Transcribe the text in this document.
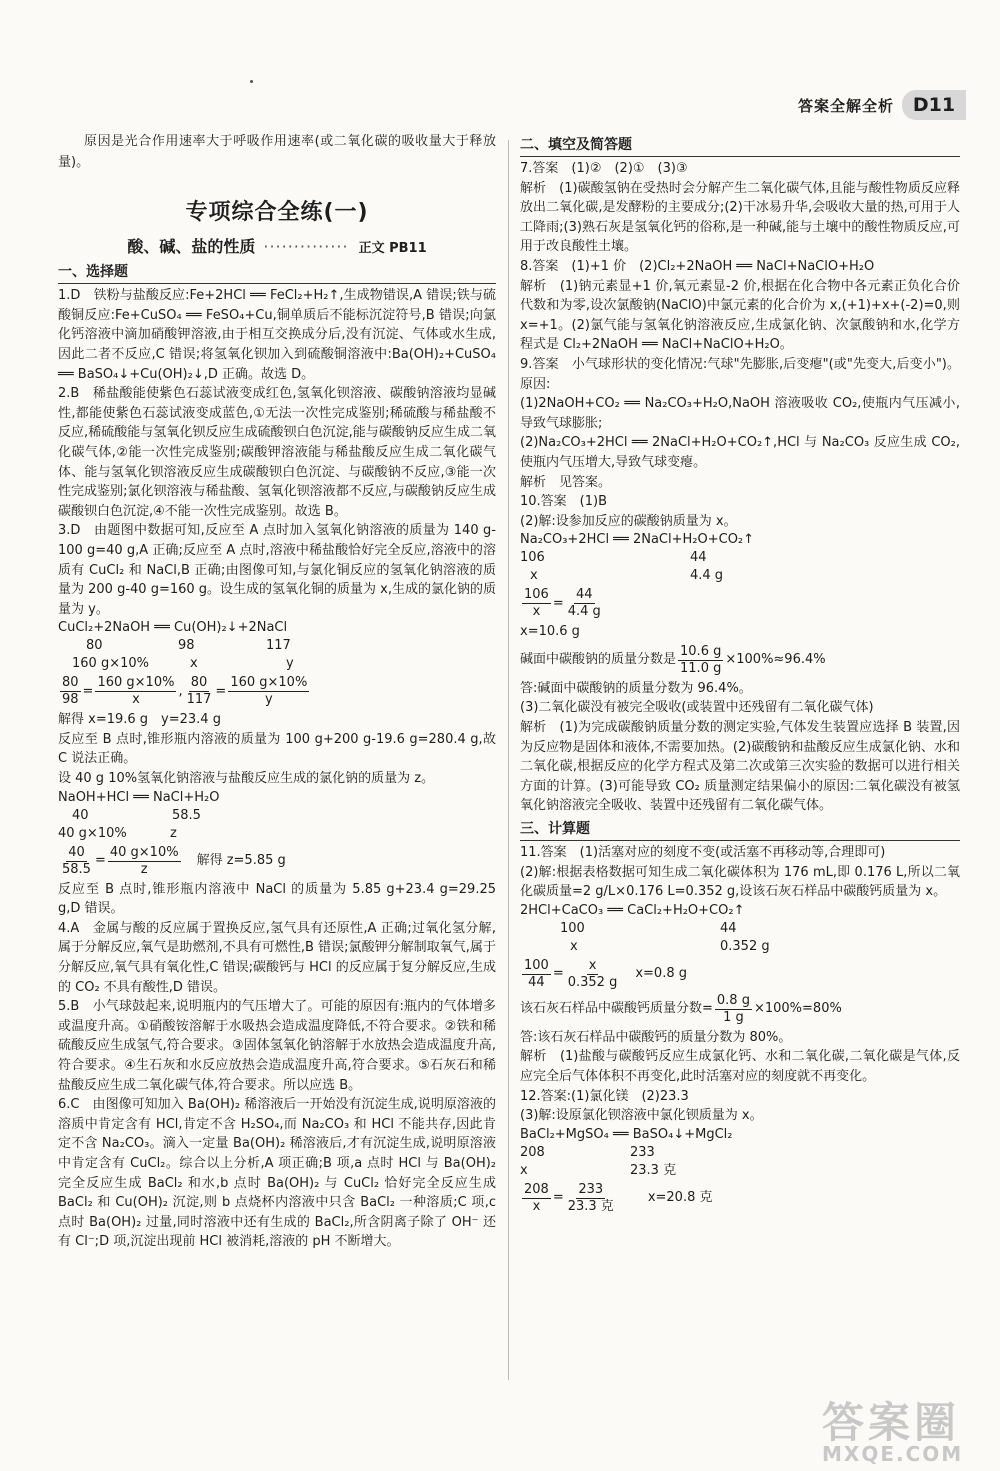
答案全解全析 D11

原因是光合作用速率大于呼吸作用速率(或二氧化碳的吸收量大于释放量)。

专项综合全练(一)
酸、碱、盐的性质 ·············· 正文 PB11
一、选择题

1.D　铁粉与盐酸反应:Fe+2HCl ══ FeCl₂+H₂↑,生成物错误,A 错误;铁与硫酸铜反应:Fe+CuSO₄ ══ FeSO₄+Cu,铜单质后不能标沉淀符号,B 错误;向氯化钙溶液中滴加硝酸钾溶液,由于相互交换成分后,没有沉淀、气体或水生成,因此二者不反应,C 错误;将氢氧化钡加入到硫酸铜溶液中:Ba(OH)₂+CuSO₄ ══ BaSO₄↓+Cu(OH)₂↓,D 正确。故选 D。

2.B　稀盐酸能使紫色石蕊试液变成红色,氢氧化钡溶液、碳酸钠溶液均显碱性,都能使紫色石蕊试液变成蓝色,①无法一次性完成鉴别;稀硫酸与稀盐酸不反应,稀硫酸能与氢氧化钡反应生成硫酸钡白色沉淀,能与碳酸钠反应生成二氧化碳气体,②能一次性完成鉴别;碳酸钾溶液能与稀盐酸反应生成二氧化碳气体、能与氢氧化钡溶液反应生成碳酸钡白色沉淀、与碳酸钠不反应,③能一次性完成鉴别;氯化钡溶液与稀盐酸、氢氧化钡溶液都不反应,与碳酸钠反应生成碳酸钡白色沉淀,④不能一次性完成鉴别。故选 B。

3.D　由题图中数据可知,反应至 A 点时加入氢氧化钠溶液的质量为 140 g-100 g=40 g,A 正确;反应至 A 点时,溶液中稀盐酸恰好完全反应,溶液中的溶质有 CuCl₂ 和 NaCl,B 正确;由图像可知,与氯化铜反应的氢氧化钠溶液的质量为 200 g-40 g=160 g。设生成的氢氧化铜的质量为 x,生成的氯化钠的质量为 y。

CuCl₂+2NaOH ══ Cu(OH)₂↓+2NaCl
80	98	117
160 g×10%	x	y
$\frac{80}{98} = \frac{160 g\times 10\%}{x}$ , $\frac{80}{117} = \frac{160 g\times 10\%}{y}$

解得 x=19.6 g　y=23.4 g

反应至 B 点时,锥形瓶内溶液的质量为 100 g+200 g-19.6 g=280.4 g,故 C 说法正确。

设 40 g 10%氢氧化钠溶液与盐酸反应生成的氯化钠的质量为 z。

NaOH+HCl ══ NaCl+H₂O
40	58.5
40 g×10%	z
$\frac{40}{58.5} = \frac{40 g\times 10\%}{z}$ 解得 z=5.85 g

反应至 B 点时,锥形瓶内溶液中 NaCl 的质量为 5.85 g+23.4 g=29.25 g,D 错误。

4.A　金属与酸的反应属于置换反应,氢气具有还原性,A 正确;过氧化氢分解,属于分解反应,氧气是助燃剂,不具有可燃性,B 错误;氯酸钾分解制取氧气,属于分解反应,氧气具有氧化性,C 错误;碳酸钙与 HCl 的反应属于复分解反应,生成的 CO₂ 不具有酸性,D 错误。

5.B　小气球鼓起来,说明瓶内的气压增大了。可能的原因有:瓶内的气体增多或温度升高。①硝酸铵溶解于水吸热会造成温度降低,不符合要求。②铁和稀硫酸反应生成氢气,符合要求。③固体氢氧化钠溶解于水放热会造成温度升高,符合要求。④生石灰和水反应放热会造成温度升高,符合要求。⑤石灰石和稀盐酸反应生成二氧化碳气体,符合要求。所以应选 B。

6.C　由图像可知加入 Ba(OH)₂ 稀溶液后一开始没有沉淀生成,说明原溶液的溶质中肯定含有 HCl,肯定不含 H₂SO₄,而 Na₂CO₃ 和 HCl 不能共存,因此肯定不含 Na₂CO₃。滴入一定量 Ba(OH)₂ 稀溶液后,才有沉淀生成,说明原溶液中肯定含有 CuCl₂。综合以上分析,A 项正确;B 项,a 点时 HCl 与 Ba(OH)₂ 完全反应生成 BaCl₂ 和水,b 点时 Ba(OH)₂ 与 CuCl₂ 恰好完全反应生成 BaCl₂ 和 Cu(OH)₂ 沉淀,则 b 点烧杯内溶液中只含 BaCl₂ 一种溶质;C 项,c 点时 Ba(OH)₂ 过量,同时溶液中还有生成的 BaCl₂,所含阴离子除了 OH⁻ 还有 Cl⁻;D 项,沉淀出现前 HCl 被消耗,溶液的 pH 不断增大。

二、填空及简答题

7.答案　(1)②　(2)①　(3)③

解析　(1)碳酸氢钠在受热时会分解产生二氧化碳气体,且能与酸性物质反应释放出二氧化碳,是发酵粉的主要成分;(2)干冰易升华,会吸收大量的热,可用于人工降雨;(3)熟石灰是氢氧化钙的俗称,是一种碱,能与土壤中的酸性物质反应,可用于改良酸性土壤。

8.答案　(1)+1 价　(2)Cl₂+2NaOH ══ NaCl+NaClO+H₂O

解析　(1)钠元素显+1 价,氧元素显-2 价,根据在化合物中各元素正负化合价代数和为零,设次氯酸钠(NaClO)中氯元素的化合价为 x,(+1)+x+(-2)=0,则 x=+1。(2)氯气能与氢氧化钠溶液反应,生成氯化钠、次氯酸钠和水,化学方程式是 Cl₂+2NaOH ══ NaCl+NaClO+H₂O。

9.答案　小气球形状的变化情况:气球"先膨胀,后变瘪"(或"先变大,后变小")。原因:

(1)2NaOH+CO₂ ══ Na₂CO₃+H₂O,NaOH 溶液吸收 CO₂,使瓶内气压减小,导致气球膨胀;

(2)Na₂CO₃+2HCl ══ 2NaCl+H₂O+CO₂↑,HCl 与 Na₂CO₃ 反应生成 CO₂,使瓶内气压增大,导致气球变瘪。

解析　见答案。

10.答案　(1)B

(2)解:设参加反应的碳酸钠质量为 x。

Na₂CO₃+2HCl ══ 2NaCl+H₂O+CO₂↑
106	44
x	4.4 g
$\frac{106}{x} = \frac{44}{4.4 g}$

x=10.6 g

碱面中碳酸钠的质量分数是 $\frac{10.6 g}{11.0 g} \times 100\%\approx 96.4\%$

答:碱面中碳酸钠的质量分数为 96.4%。

(3)二氧化碳没有被完全吸收(或装置中还残留有二氧化碳气体)

解析　(1)为完成碳酸钠质量分数的测定实验,气体发生装置应选择 B 装置,因为反应物是固体和液体,不需要加热。(2)碳酸钠和盐酸反应生成氯化钠、水和二氧化碳,根据反应的化学方程式及第二次或第三次实验的数据可以进行相关方面的计算。(3)可能导致 CO₂ 质量测定结果偏小的原因:二氧化碳没有被氢氧化钠溶液完全吸收、装置中还残留有二氧化碳气体。

三、计算题

11.答案　(1)活塞对应的刻度不变(或活塞不再移动等,合理即可)

(2)解:根据表格数据可知生成二氧化碳体积为 176 mL,即 0.176 L,所以二氧化碳质量=2 g/L×0.176 L=0.352 g,设该石灰石样品中碳酸钙质量为 x。

2HCl+CaCO₃ ══ CaCl₂+H₂O+CO₂↑
100	44
x	0.352 g
$\frac{100}{44} = \frac{x}{0.352 g} x=0.8$ g
该石灰石样品中碳酸钙质量分数= $\frac{0.8 g}{1 g} \times 100\%=80\%$

答:该石灰石样品中碳酸钙的质量分数为 80%。

解析　(1)盐酸与碳酸钙反应生成氯化钙、水和二氧化碳,二氧化碳是气体,反应完全后气体体积不再变化,此时活塞对应的刻度就不再变化。

12.答案:(1)氯化镁　(2)23.3

(3)解:设原氯化钡溶液中氯化钡质量为 x。

BaCl₂+MgSO₄ ══ BaSO₄↓+MgCl₂
208	233
x	23.3 克
$\frac{208}{x} = \frac{233}{\text{23.3 克}} x=20.8$ 克
答案圈
MXQE.COM
